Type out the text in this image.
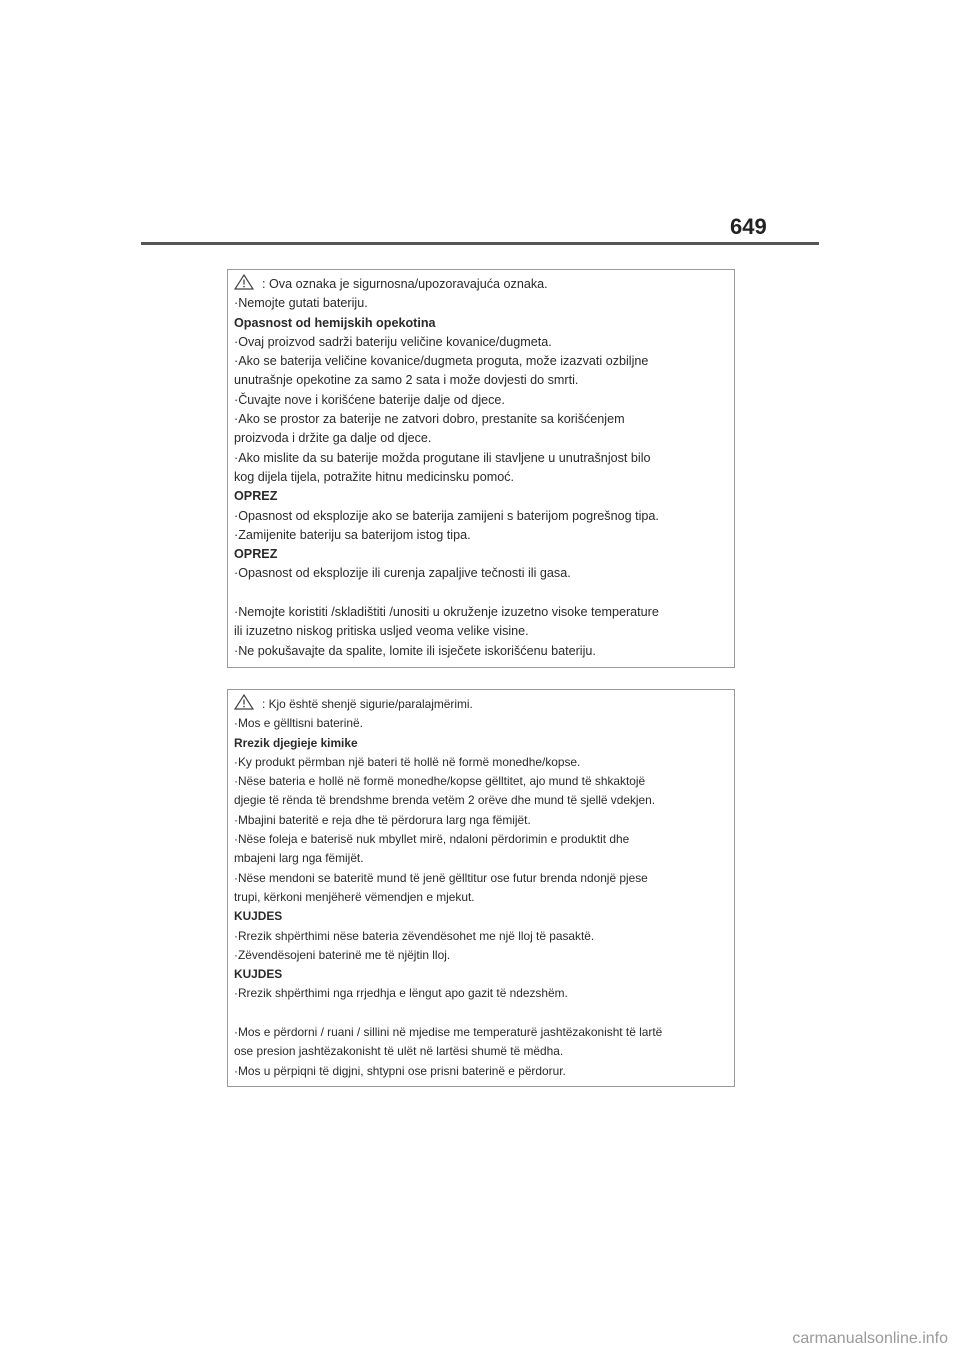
649
: Ova oznaka je sigurnosna/upozoravajuća oznaka.
·Nemojte gutati bateriju.
Opasnost od hemijskih opekotina
·Ovaj proizvod sadrži bateriju veličine kovanice/dugmeta.
·Ako se baterija veličine kovanice/dugmeta proguta, može izazvati ozbiljne
unutrašnje opekotine za samo 2 sata i može dovjesti do smrti.
·Čuvajte nove i korišćene baterije dalje od djece.
·Ako se prostor za baterije ne zatvori dobro, prestanite sa korišćenjem
proizvoda i držite ga dalje od djece.
·Ako mislite da su baterije možda progutane ili stavljene u unutrašnjost bilo
kog dijela tijela, potražite hitnu medicinsku pomoć.
OPREZ
·Opasnost od eksplozije ako se baterija zamijeni s baterijom pogrešnog tipa.
·Zamijenite bateriju sa baterijom istog tipa.
OPREZ
·Opasnost od eksplozije ili curenja zapaljive tečnosti ili gasa.
·Nemojte koristiti /skladištiti /unositi u okruženje izuzetno visoke temperature
ili izuzetno niskog pritiska usljed veoma velike visine.
·Ne pokušavajte da spalite, lomite ili isječete iskorišćenu bateriju.
: Kjo është shenjë sigurie/paralajmërimi.
·Mos e gëlltisni baterinë.
Rrezik djegieje kimike
·Ky produkt përmban një bateri të hollë në formë monedhe/kopse.
·Nëse bateria e hollë në formë monedhe/kopse gëlltitet, ajo mund të shkaktojë
djegie të rënda të brendshme brenda vetëm 2 orëve dhe mund të sjellë vdekjen.
·Mbajini bateritë e reja dhe të përdorura larg nga fëmijët.
·Nëse foleja e baterisë nuk mbyllet mirë, ndaloni përdorimin e produktit dhe
mbajeni larg nga fëmijët.
·Nëse mendoni se bateritë mund të jenë gëlltitur ose futur brenda ndonjë pjese
trupi, kërkoni menjëherë vëmendjen e mjekut.
KUJDES
·Rrezik shpërthimi nëse bateria zëvendësohet me një lloj të pasaktë.
·Zëvendësojeni baterinë me të njëjtin lloj.
KUJDES
·Rrezik shpërthimi nga rrjedhja e lëngut apo gazit të ndezshëm.
·Mos e përdorni / ruani / sillini në mjedise me temperaturë jashtëzakonisht të lartë
ose presion jashtëzakonisht të ulët në lartësi shumë të mëdha.
·Mos u përpiqni të digjni, shtypni ose prisni baterinë e përdorur.
carmanualsonline.info
